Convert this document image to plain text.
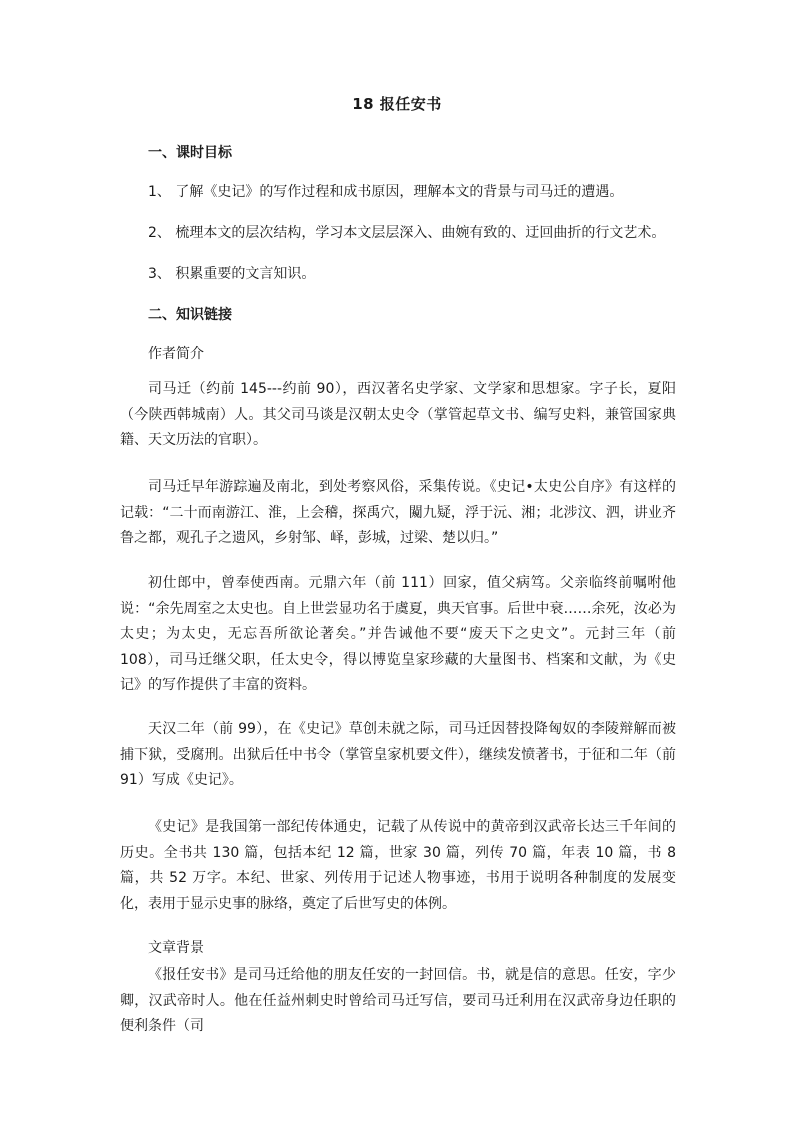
18 报任安书
一、课时目标
1、 了解《史记》的写作过程和成书原因，理解本文的背景与司马迁的遭遇。
2、 梳理本文的层次结构，学习本文层层深入、曲婉有致的、迂回曲折的行文艺术。
3、 积累重要的文言知识。
二、知识链接
作者简介

司马迁（约前 145---约前 90），西汉著名史学家、文学家和思想家。字子长，夏阳（今陕西韩城南）人。其父司马谈是汉朝太史令（掌管起草文书、编写史料，兼管国家典籍、天文历法的官职）。

司马迁早年游踪遍及南北，到处考察风俗，采集传说。《史记•太史公自序》有这样的记载：“二十而南游江、淮，上会稽，探禹穴，闚九疑，浮于沅、湘；北涉汶、泗，讲业齐鲁之都，观孔子之遗风，乡射邹、峄，彭城，过梁、楚以归。”

初仕郎中，曾奉使西南。元鼎六年（前 111）回家，值父病笃。父亲临终前嘱咐他说：“余先周室之太史也。自上世尝显功名于虞夏，典天官事。后世中衰……余死，汝必为太史；为太史，无忘吾所欲论著矣。”并告诫他不要“废天下之史文”。元封三年（前 108），司马迁继父职，任太史令，得以博览皇家珍藏的大量图书、档案和文献，为《史记》的写作提供了丰富的资料。

天汉二年（前 99），在《史记》草创未就之际，司马迁因替投降匈奴的李陵辩解而被捕下狱，受腐刑。出狱后任中书令（掌管皇家机要文件），继续发愤著书，于征和二年（前 91）写成《史记》。

《史记》是我国第一部纪传体通史，记载了从传说中的黄帝到汉武帝长达三千年间的历史。全书共 130 篇，包括本纪 12 篇，世家 30 篇，列传 70 篇，年表 10 篇，书 8 篇，共 52 万字。本纪、世家、列传用于记述人物事迹，书用于说明各种制度的发展变化，表用于显示史事的脉络，奠定了后世写史的体例。

文章背景

《报任安书》是司马迁给他的朋友任安的一封回信。书，就是信的意思。任安，字少卿，汉武帝时人。他在任益州刺史时曾给司马迁写信，要司马迁利用在汉武帝身边任职的便利条件（司
